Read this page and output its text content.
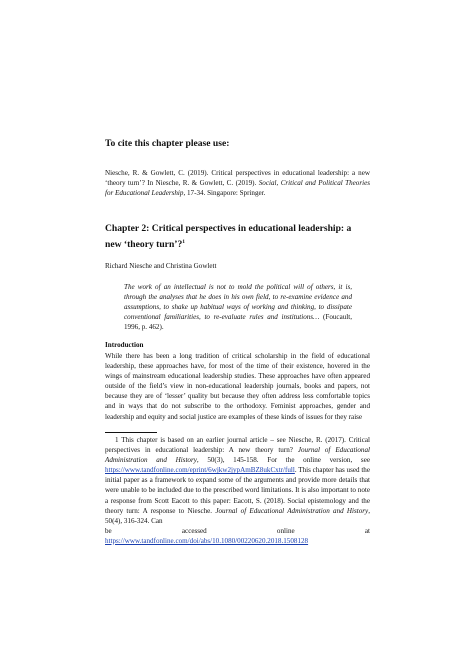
To cite this chapter please use:
Niesche, R. & Gowlett, C. (2019). Critical perspectives in educational leadership: a new ‘theory turn’? In Niesche, R. & Gowlett, C. (2019). Social, Critical and Political Theories for Educational Leadership, 17-34. Singapore: Springer.
Chapter 2: Critical perspectives in educational leadership: a new ‘theory turn’?$^1$
Richard Niesche and Christina Gowlett
The work of an intellectual is not to mold the political will of others, it is, through the analyses that he does in his own field, to re-examine evidence and assumptions, to shake up habitual ways of working and thinking, to dissipate conventional familiarities, to re-evaluate rules and institutions… (Foucault, 1996, p. 462).
Introduction
While there has been a long tradition of critical scholarship in the field of educational leadership, these approaches have, for most of the time of their existence, hovered in the wings of mainstream educational leadership studies. These approaches have often appeared outside of the field’s view in non-educational leadership journals, books and papers, not because they are of ‘lesser’ quality but because they often address less comfortable topics and in ways that do not subscribe to the orthodoxy. Feminist approaches, gender and leadership and equity and social justice are examples of these kinds of issues for they raise
1 This chapter is based on an earlier journal article – see Niesche, R. (2017). Critical perspectives in educational leadership: A new theory turn? Journal of Educational Administration and History, 50(3), 145-158. For the online version, see https://www.tandfonline.com/eprint/6wjkw2jypAmBZ8ukCxtr/full. This chapter has used the initial paper as a framework to expand some of the arguments and provide more details that were unable to be included due to the prescribed word limitations. It is also important to note a response from Scott Eacott to this paper: Eacott, S. (2018). Social epistemology and the theory turn: A response to Niesche. Journal of Educational Administration and History, 50(4), 316-324. Can
be	accessed	online	at
https://www.tandfonline.com/doi/abs/10.1080/00220620.2018.1508128
